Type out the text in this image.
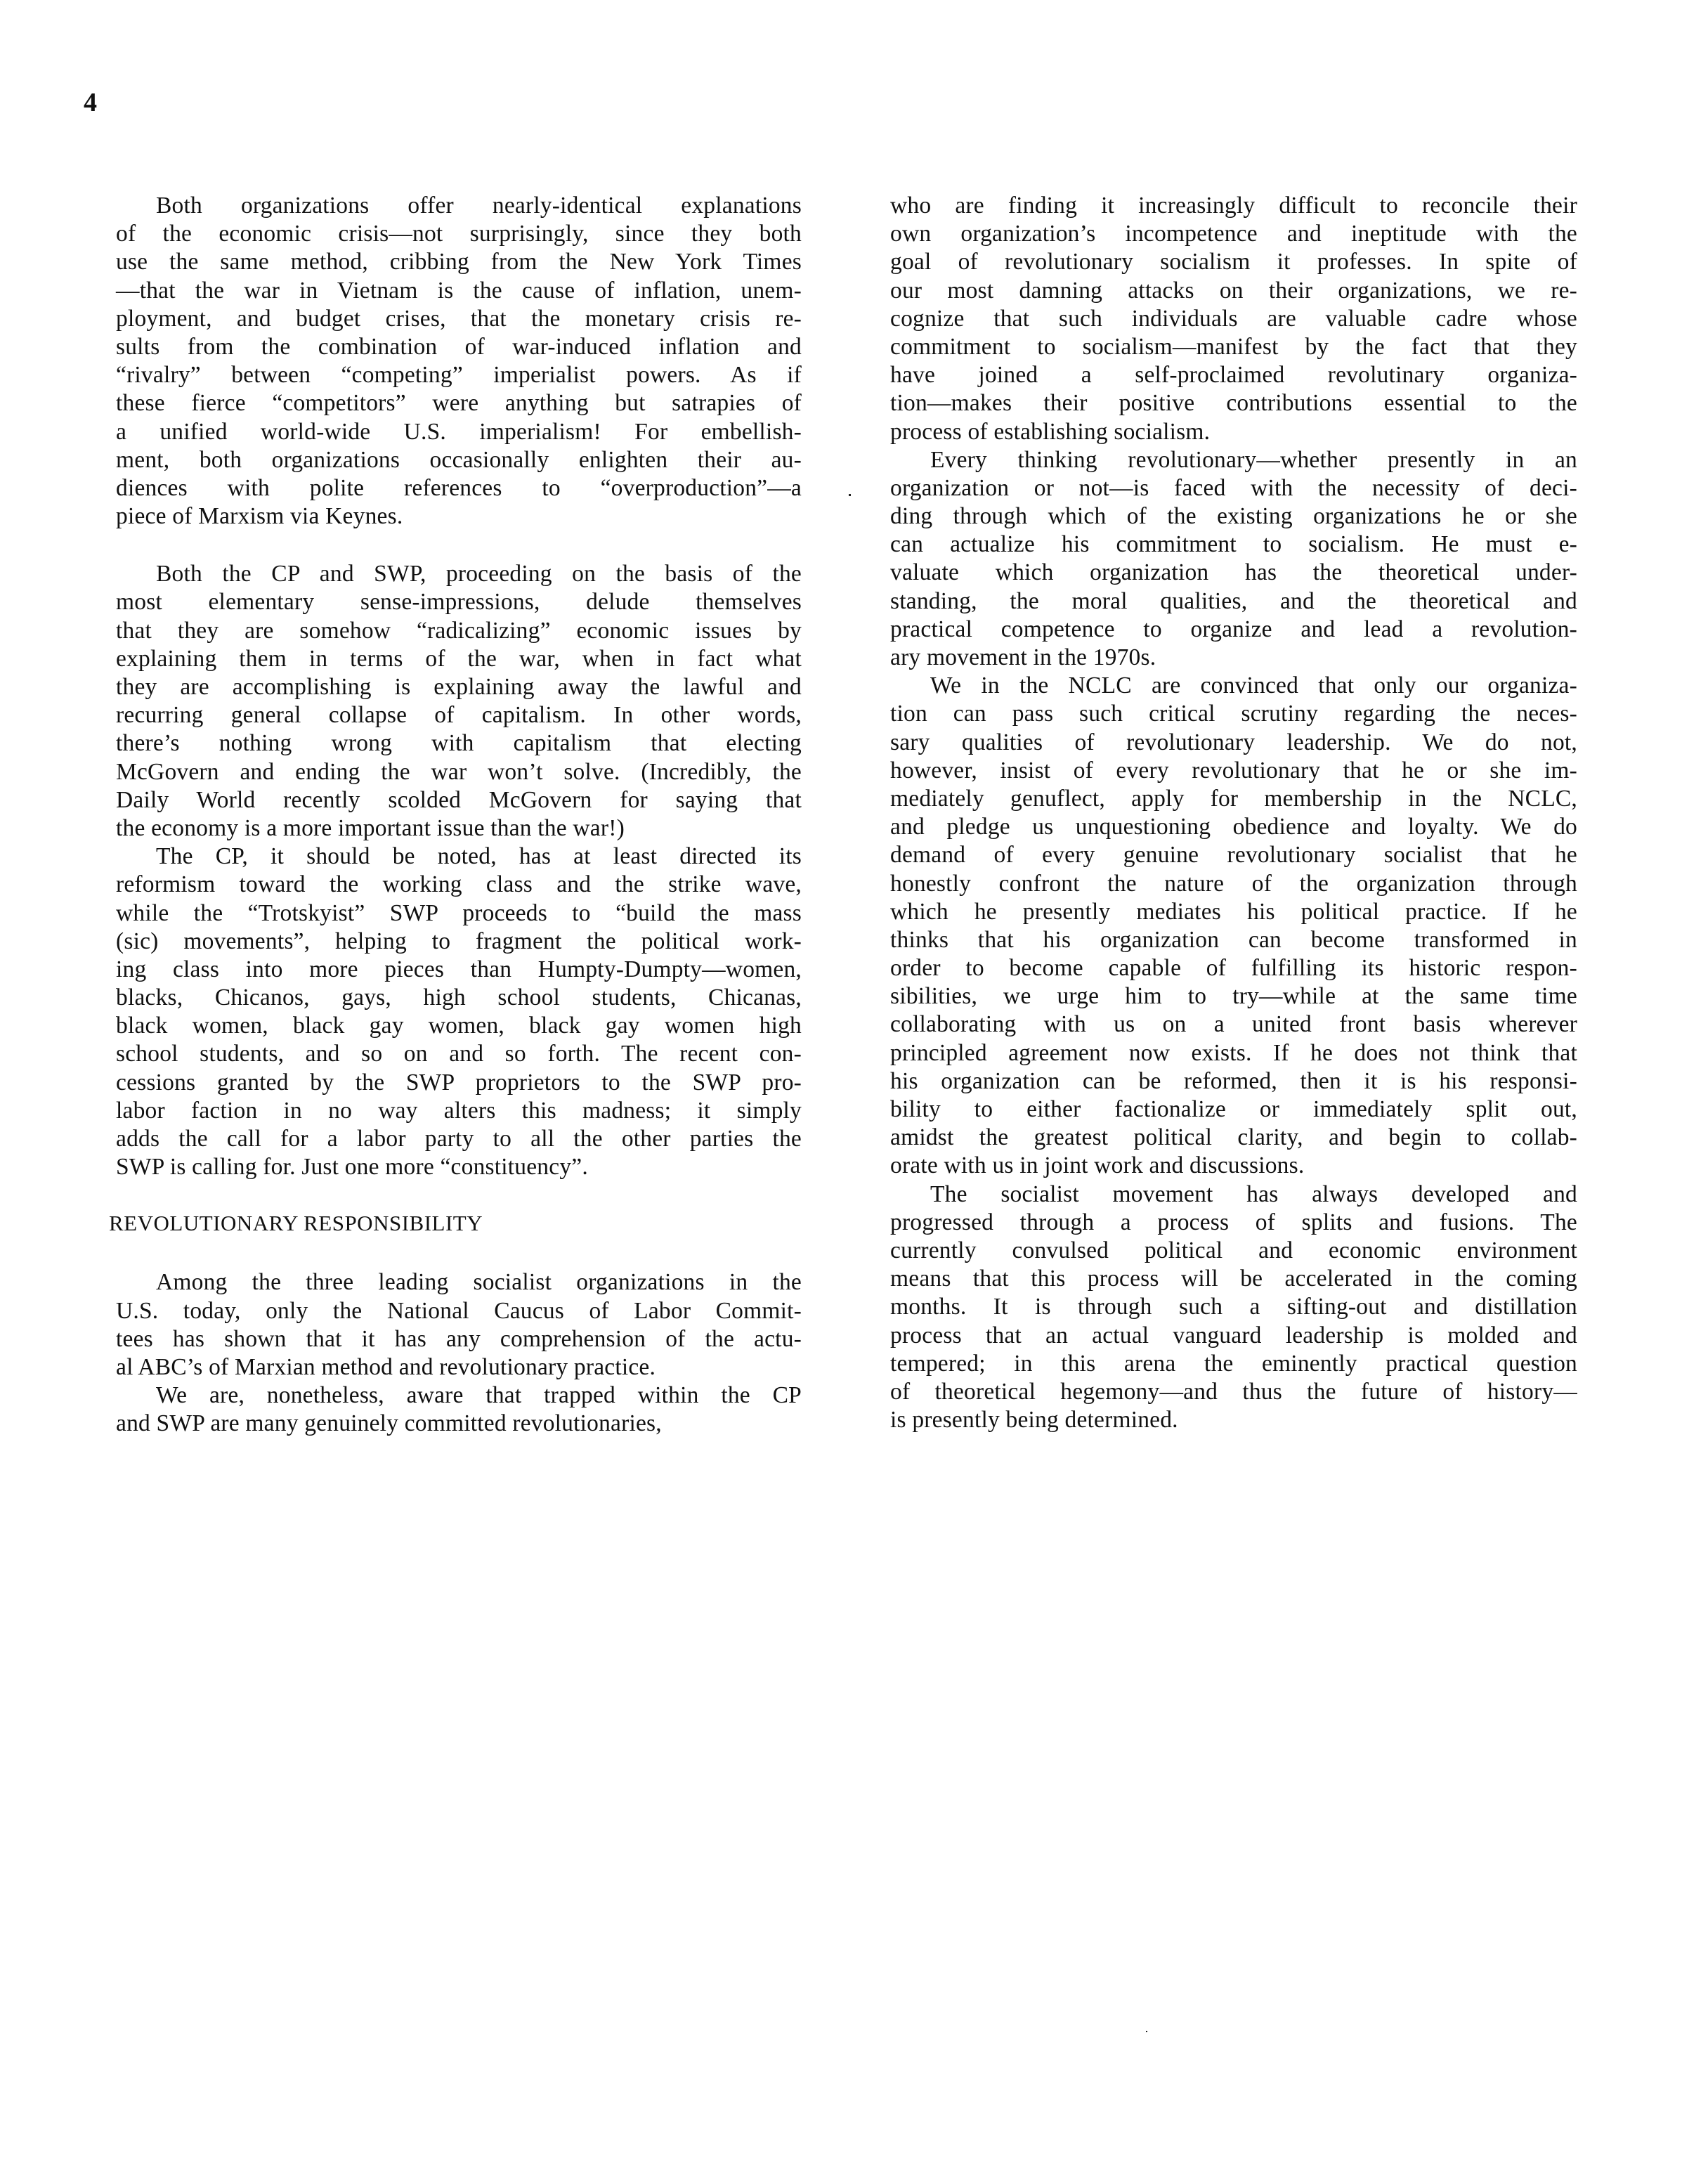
4
Both organizations offer nearly-identical explanations
of the economic crisis—not surprisingly, since they both
use the same method, cribbing from the New York Times
—that the war in Vietnam is the cause of inflation, unem-
ployment, and budget crises, that the monetary crisis re-
sults from the combination of war-induced inflation and
“rivalry” between “competing” imperialist powers. As if
these fierce “competitors” were anything but satrapies of
a unified world-wide U.S. imperialism! For embellish-
ment, both organizations occasionally enlighten their au-
diences with polite references to “overproduction”—a
piece of Marxism via Keynes.
Both the CP and SWP, proceeding on the basis of the
most elementary sense-impressions, delude themselves
that they are somehow “radicalizing” economic issues by
explaining them in terms of the war, when in fact what
they are accomplishing is explaining away the lawful and
recurring general collapse of capitalism. In other words,
there’s nothing wrong with capitalism that electing
McGovern and ending the war won’t solve. (Incredibly, the
Daily World recently scolded McGovern for saying that
the economy is a more important issue than the war!)
The CP, it should be noted, has at least directed its
reformism toward the working class and the strike wave,
while the “Trotskyist” SWP proceeds to “build the mass
(sic) movements”, helping to fragment the political work-
ing class into more pieces than Humpty-Dumpty—women,
blacks, Chicanos, gays, high school students, Chicanas,
black women, black gay women, black gay women high
school students, and so on and so forth. The recent con-
cessions granted by the SWP proprietors to the SWP pro-
labor faction in no way alters this madness; it simply
adds the call for a labor party to all the other parties the
SWP is calling for. Just one more “constituency”.
REVOLUTIONARY RESPONSIBILITY
Among the three leading socialist organizations in the
U.S. today, only the National Caucus of Labor Commit-
tees has shown that it has any comprehension of the actu-
al ABC’s of Marxian method and revolutionary practice.
We are, nonetheless, aware that trapped within the CP
and SWP are many genuinely committed revolutionaries,
who are finding it increasingly difficult to reconcile their
own organization’s incompetence and ineptitude with the
goal of revolutionary socialism it professes. In spite of
our most damning attacks on their organizations, we re-
cognize that such individuals are valuable cadre whose
commitment to socialism—manifest by the fact that they
have joined a self-proclaimed revolutinary organiza-
tion—makes their positive contributions essential to the
process of establishing socialism.
Every thinking revolutionary—whether presently in an
organization or not—is faced with the necessity of deci-
ding through which of the existing organizations he or she
can actualize his commitment to socialism. He must e-
valuate which organization has the theoretical under-
standing, the moral qualities, and the theoretical and
practical competence to organize and lead a revolution-
ary movement in the 1970s.
We in the NCLC are convinced that only our organiza-
tion can pass such critical scrutiny regarding the neces-
sary qualities of revolutionary leadership. We do not,
however, insist of every revolutionary that he or she im-
mediately genuflect, apply for membership in the NCLC,
and pledge us unquestioning obedience and loyalty. We do
demand of every genuine revolutionary socialist that he
honestly confront the nature of the organization through
which he presently mediates his political practice. If he
thinks that his organization can become transformed in
order to become capable of fulfilling its historic respon-
sibilities, we urge him to try—while at the same time
collaborating with us on a united front basis wherever
principled agreement now exists. If he does not think that
his organization can be reformed, then it is his responsi-
bility to either factionalize or immediately split out,
amidst the greatest political clarity, and begin to collab-
orate with us in joint work and discussions.
The socialist movement has always developed and
progressed through a process of splits and fusions. The
currently convulsed political and economic environment
means that this process will be accelerated in the coming
months. It is through such a sifting-out and distillation
process that an actual vanguard leadership is molded and
tempered; in this arena the eminently practical question
of theoretical hegemony—and thus the future of history—
is presently being determined.
